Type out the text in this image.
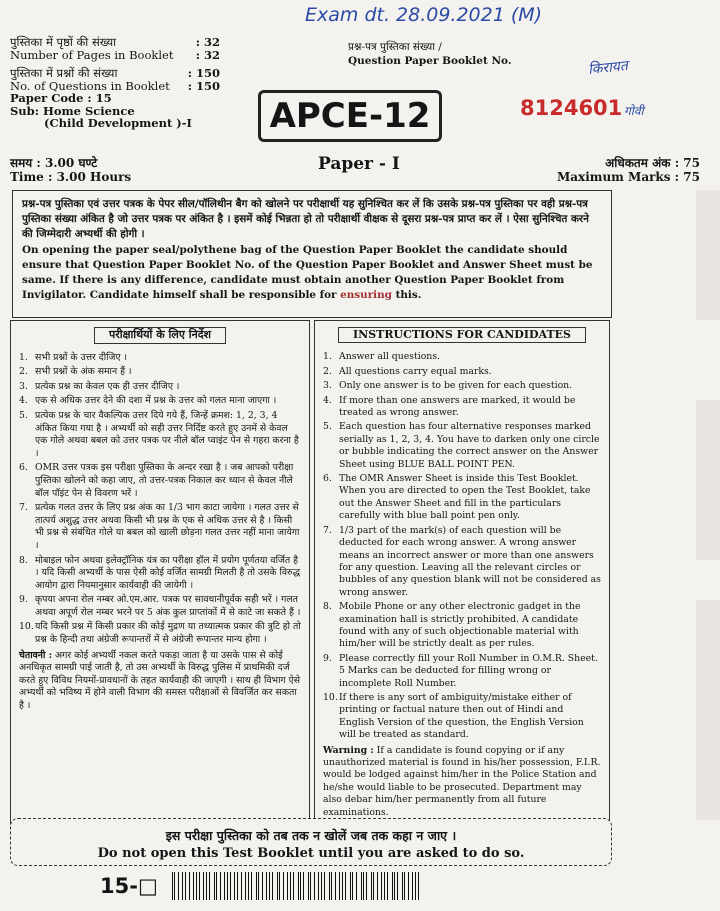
Exam dt. 28.09.2021 (M)
किरायत
गोवी
पुस्तिका में पृष्ठों की संख्या	: 32
Number of Pages in Booklet : 32
पुस्तिका में प्रश्नों की संख्या	: 150
No. of Questions in Booklet : 150
Paper Code : 15
Sub: Home Science
(Child Development )-I
प्रश्न-पत्र पुस्तिका संख्या /
Question Paper Booklet No.
APCE-12	8124601
समय : 3.00 घण्टे
Time : 3.00 Hours
Paper - I	अधिकतम अंक : 75
Maximum Marks : 75

प्रश्न-पत्र पुस्तिका एवं उत्तर पत्रक के पेपर सील/पॉलिथीन बैग को खोलने पर परीक्षार्थी यह सुनिश्चित कर लें कि उसके प्रश्न-पत्र पुस्तिका पर वही प्रश्न-पत्र पुस्तिका संख्या अंकित है जो उत्तर पत्रक पर अंकित है । इसमें कोई भिन्नता हो तो परीक्षार्थी वीक्षक से दूसरा प्रश्न-पत्र प्राप्त कर लें । ऐसा सुनिश्चित करने की जिम्मेदारी अभ्यर्थी की होगी ।

On opening the paper seal/polythene bag of the Question Paper Booklet the candidate should ensure that Question Paper Booklet No. of the Question Paper Booklet and Answer Sheet must be same. If there is any difference, candidate must obtain another Question Paper Booklet from Invigilator. Candidate himself shall be responsible for ensuring this.

परीक्षार्थियों के लिए निर्देश
1. सभी प्रश्नों के उत्तर दीजिए ।
2. सभी प्रश्नों के अंक समान हैं ।
3. प्रत्येक प्रश्न का केवल एक ही उत्तर दीजिए ।
4. एक से अधिक उत्तर देने की दशा में प्रश्न के उत्तर को गलत माना जाएगा ।
5. प्रत्येक प्रश्न के चार वैकल्पिक उत्तर दिये गये हैं, जिन्हें क्रमश: 1, 2, 3, 4 अंकित किया गया है । अभ्यर्थी को सही उत्तर निर्दिष्ट करते हुए उनमें से केवल एक गोले अथवा बबल को उत्तर पत्रक पर नीले बॉल प्वाइंट पेन से गहरा करना है ।
6. OMR उत्तर पत्रक इस परीक्षा पुस्तिका के अन्दर रखा है । जब आपको परीक्षा पुस्तिका खोलने को कहा जाए, तो उत्तर-पत्रक निकाल कर ध्यान से केवल नीले बॉल पॉइंट पेन से विवरण भरें ।
7. प्रत्येक गलत उत्तर के लिए प्रश्न अंक का 1/3 भाग काटा जायेगा । गलत उत्तर से तात्पर्य अशुद्ध उत्तर अथवा किसी भी प्रश्न के एक से अधिक उत्तर से है । किसी भी प्रश्न से संबंधित गोले या बबल को खाली छोड़ना गलत उत्तर नहीं माना जायेगा ।
8. मोबाइल फोन अथवा इलेक्ट्रॉनिक यंत्र का परीक्षा हॉल में प्रयोग पूर्णतया वर्जित है । यदि किसी अभ्यर्थी के पास ऐसी कोई वर्जित सामग्री मिलती है तो उसके विरुद्ध आयोग द्वारा नियमानुसार कार्यवाही की जायेगी ।
9. कृपया अपना रोल नम्बर ओ.एम.आर. पत्रक पर सावधानीपूर्वक सही भरें । गलत अथवा अपूर्ण रोल नम्बर भरने पर 5 अंक कुल प्राप्तांकों में से काटे जा सकते हैं ।
10. यदि किसी प्रश्न में किसी प्रकार की कोई मुद्रण या तथ्यात्मक प्रकार की त्रुटि हो तो प्रश्न के हिन्दी तथा अंग्रेजी रूपान्तरों में से अंग्रेजी रूपान्तर मान्य होगा ।
चेतावनी : अगर कोई अभ्यर्थी नकल करते पकड़ा जाता है या उसके पास से कोई अनधिकृत सामग्री पाई जाती है, तो उस अभ्यर्थी के विरुद्ध पुलिस में प्राथमिकी दर्ज करते हुए विविध नियमों-प्रावधानों के तहत कार्यवाही की जाएगी । साथ ही विभाग ऐसे अभ्यर्थी को भविष्य में होने वाली विभाग की समस्त परीक्षाओं से विवर्जित कर सकता है ।
INSTRUCTIONS FOR CANDIDATES
1. Answer all questions.
2. All questions carry equal marks.
3. Only one answer is to be given for each question.
4. If more than one answers are marked, it would be treated as wrong answer.
5. Each question has four alternative responses marked serially as 1, 2, 3, 4. You have to darken only one circle or bubble indicating the correct answer on the Answer Sheet using BLUE BALL POINT PEN.
6. The OMR Answer Sheet is inside this Test Booklet. When you are directed to open the Test Booklet, take out the Answer Sheet and fill in the particulars carefully with blue ball point pen only.
7. 1/3 part of the mark(s) of each question will be deducted for each wrong answer. A wrong answer means an incorrect answer or more than one answers for any question. Leaving all the relevant circles or bubbles of any question blank will not be considered as wrong answer.
8. Mobile Phone or any other electronic gadget in the examination hall is strictly prohibited. A candidate found with any of such objectionable material with him/her will be strictly dealt as per rules.
9. Please correctly fill your Roll Number in O.M.R. Sheet. 5 Marks can be deducted for filling wrong or incomplete Roll Number.
10. If there is any sort of ambiguity/mistake either of printing or factual nature then out of Hindi and English Version of the question, the English Version will be treated as standard.
Warning : If a candidate is found copying or if any unauthorized material is found in his/her possession, F.I.R. would be lodged against him/her in the Police Station and he/she would liable to be prosecuted. Department may also debar him/her permanently from all future examinations.
इस परीक्षा पुस्तिका को तब तक न खोलें जब तक कहा न जाए ।
Do not open this Test Booklet until you are asked to do so.
15-□
